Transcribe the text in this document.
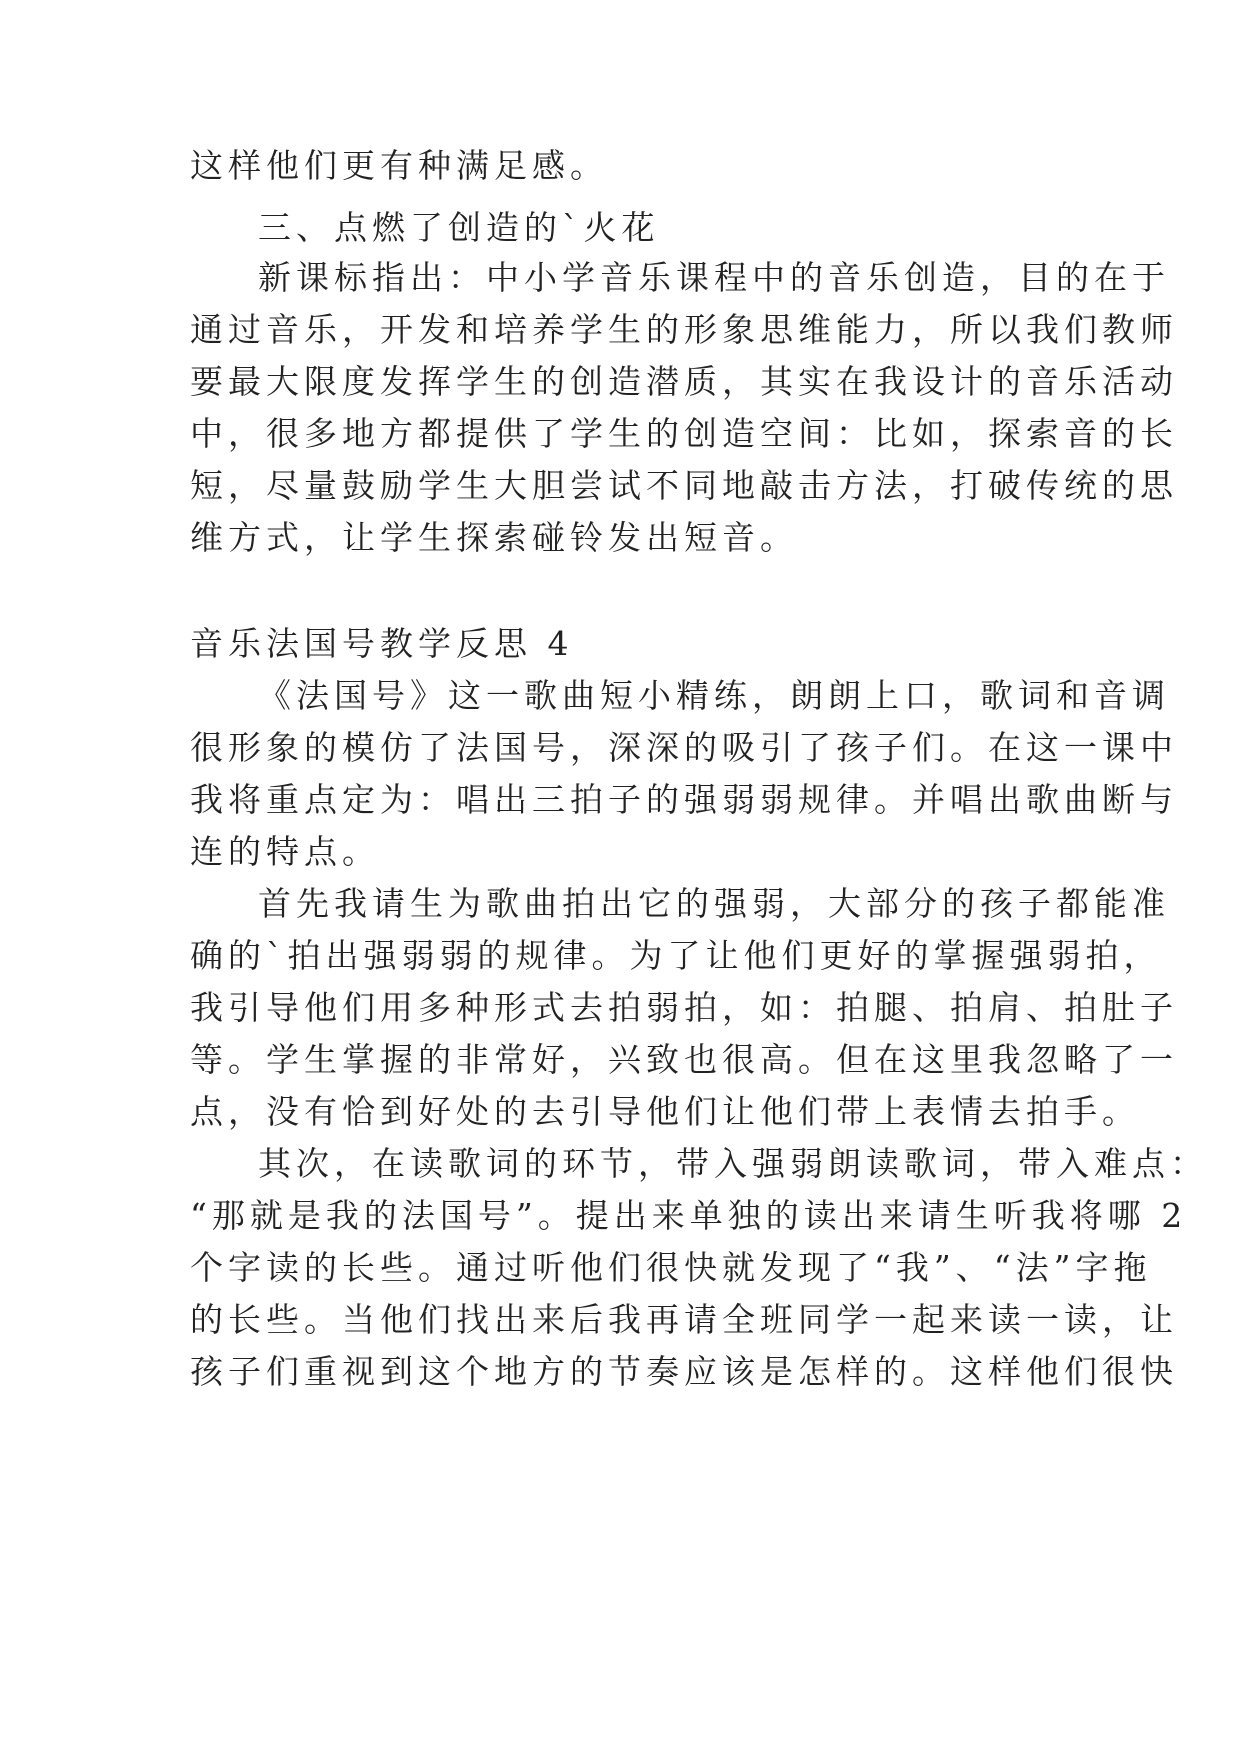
这样他们更有种满足感。
三、点燃了创造的`火花
新课标指出：中小学音乐课程中的音乐创造，目的在于
通过音乐，开发和培养学生的形象思维能力，所以我们教师
要最大限度发挥学生的创造潜质，其实在我设计的音乐活动
中，很多地方都提供了学生的创造空间：比如，探索音的长
短，尽量鼓励学生大胆尝试不同地敲击方法，打破传统的思
维方式，让学生探索碰铃发出短音。
音乐法国号教学反思 4
《法国号》这一歌曲短小精练，朗朗上口，歌词和音调
很形象的模仿了法国号，深深的吸引了孩子们。在这一课中
我将重点定为：唱出三拍子的强弱弱规律。并唱出歌曲断与
连的特点。
首先我请生为歌曲拍出它的强弱，大部分的孩子都能准
确的`拍出强弱弱的规律。为了让他们更好的掌握强弱拍，
我引导他们用多种形式去拍弱拍，如：拍腿、拍肩、拍肚子
等。学生掌握的非常好，兴致也很高。但在这里我忽略了一
点，没有恰到好处的去引导他们让他们带上表情去拍手。
其次，在读歌词的环节，带入强弱朗读歌词，带入难点：
“那就是我的法国号”。提出来单独的读出来请生听我将哪 2
个字读的长些。通过听他们很快就发现了“我”、“法”字拖
的长些。当他们找出来后我再请全班同学一起来读一读，让
孩子们重视到这个地方的节奏应该是怎样的。这样他们很快
